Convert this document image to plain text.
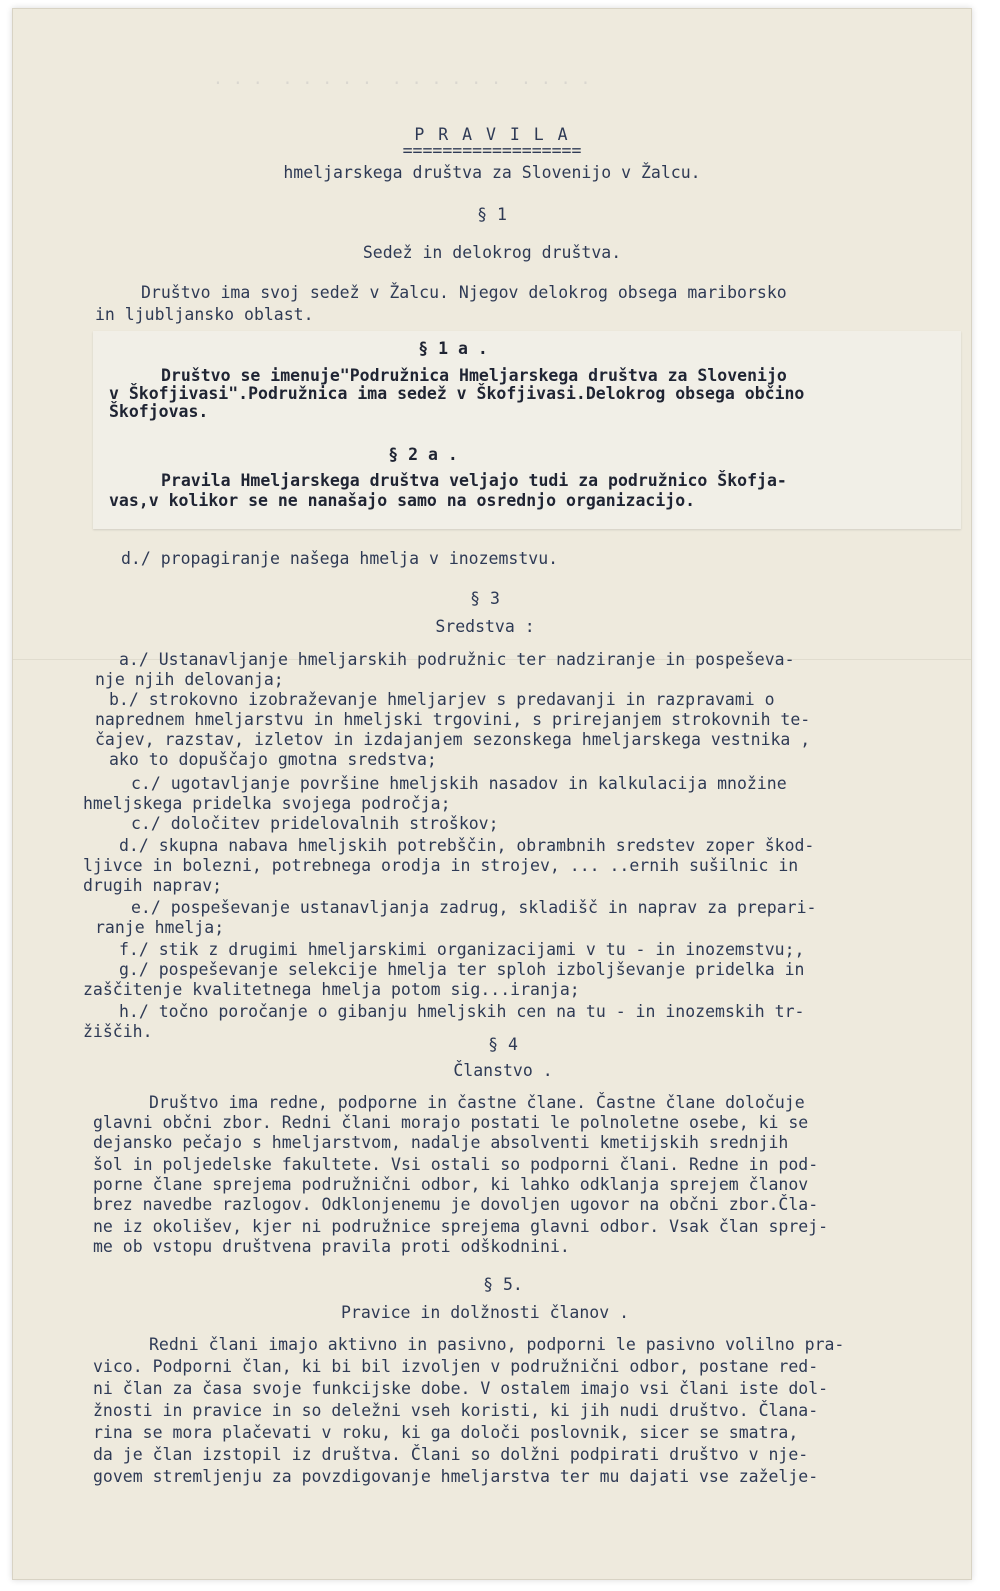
. . .  . . . . .  . . . . . .  . . . .
P R A V I L A
==================
hmeljarskega društva za Slovenijo v Žalcu.
§ 1
Sedež in delokrog društva.
Društvo ima svoj sedež v Žalcu. Njegov delokrog obsega mariborsko
in ljubljansko oblast.
§ 1 a .
Društvo se imenuje"Podružnica Hmeljarskega društva za Slovenijo
v Škofjivasi".Podružnica ima sedež v Škofjivasi.Delokrog obsega občino
Škofjovas.
§ 2 a .
Pravila Hmeljarskega društva veljajo tudi za podružnico Škofja-
vas,v kolikor se ne nanašajo samo na osrednjo organizacijo.
d./ propagiranje našega hmelja v inozemstvu.
§ 3
Sredstva :
a./ Ustanavljanje hmeljarskih podružnic ter nadziranje in pospeševa-
nje njih delovanja;
b./ strokovno izobraževanje hmeljarjev s predavanji in razpravami o
naprednem hmeljarstvu in hmeljski trgovini, s prirejanjem strokovnih te-
čajev, razstav, izletov in izdajanjem sezonskega hmeljarskega vestnika ,
ako to dopuščajo gmotna sredstva;
c./ ugotavljanje površine hmeljskih nasadov in kalkulacija množine
hmeljskega pridelka svojega področja;
c./ določitev pridelovalnih stroškov;
d./ skupna nabava hmeljskih potrebščin, obrambnih sredstev zoper škod-
ljivce in bolezni, potrebnega orodja in strojev, ... ..ernih sušilnic in
drugih naprav;
e./ pospeševanje ustanavljanja zadrug, skladišč in naprav za prepari-
ranje hmelja;
f./ stik z drugimi hmeljarskimi organizacijami v tu - in inozemstvu;,
g./ pospeševanje selekcije hmelja ter sploh izboljševanje pridelka in
zaščitenje kvalitetnega hmelja potom sig...iranja;
h./ točno poročanje o gibanju hmeljskih cen na tu - in inozemskih tr-
žiščih.
§ 4
Članstvo .
Društvo ima redne, podporne in častne člane. Častne člane določuje
glavni občni zbor. Redni člani morajo postati le polnoletne osebe, ki se
dejansko pečajo s hmeljarstvom, nadalje absolventi kmetijskih srednjih
šol in poljedelske fakultete. Vsi ostali so podporni člani. Redne in pod-
porne člane sprejema podružnični odbor, ki lahko odklanja sprejem članov
brez navedbe razlogov. Odklonjenemu je dovoljen ugovor na občni zbor.Čla-
ne iz okolišev, kjer ni podružnice sprejema glavni odbor. Vsak član sprej-
me ob vstopu društvena pravila proti odškodnini.
§ 5.
Pravice in dolžnosti članov .
Redni člani imajo aktivno in pasivno, podporni le pasivno volilno pra-
vico. Podporni član, ki bi bil izvoljen v podružnični odbor, postane red-
ni član za časa svoje funkcijske dobe. V ostalem imajo vsi člani iste dol-
žnosti in pravice in so deležni vseh koristi, ki jih nudi društvo. Člana-
rina se mora plačevati v roku, ki ga določi poslovnik, sicer se smatra,
da je član izstopil iz društva. Člani so dolžni podpirati društvo v nje-
govem stremljenju za povzdigovanje hmeljarstva ter mu dajati vse zaželje-
